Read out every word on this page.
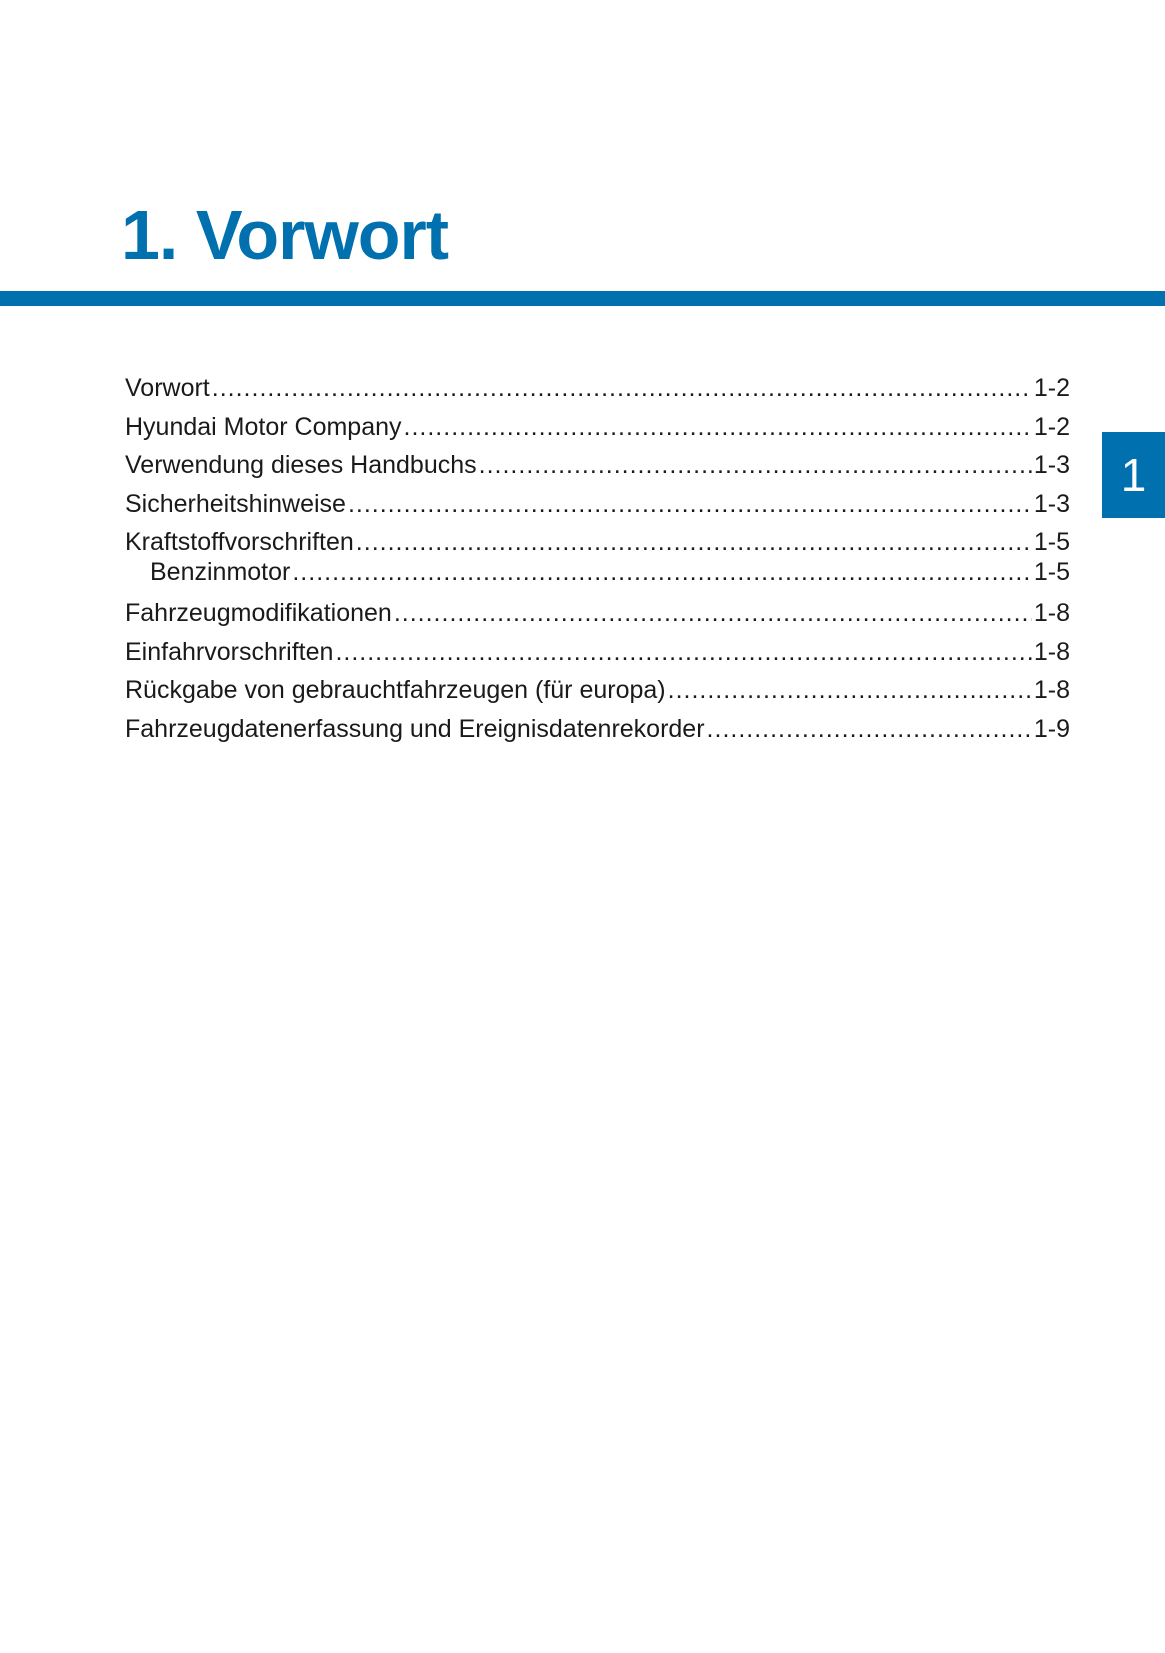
1. Vorwort
1
Vorwort .....	1-2
Hyundai Motor Company .....	1-2
Verwendung dieses Handbuchs .....	1-3
Sicherheitshinweise .....	1-3
Kraftstoffvorschriften .....	1-5
Benzinmotor .....	1-5
Fahrzeugmodifikationen .....	1-8
Einfahrvorschriften .....	1-8
Rückgabe von gebrauchtfahrzeugen (für europa) .....	1-8
Fahrzeugdatenerfassung und Ereignisdatenrekorder .....	1-9
